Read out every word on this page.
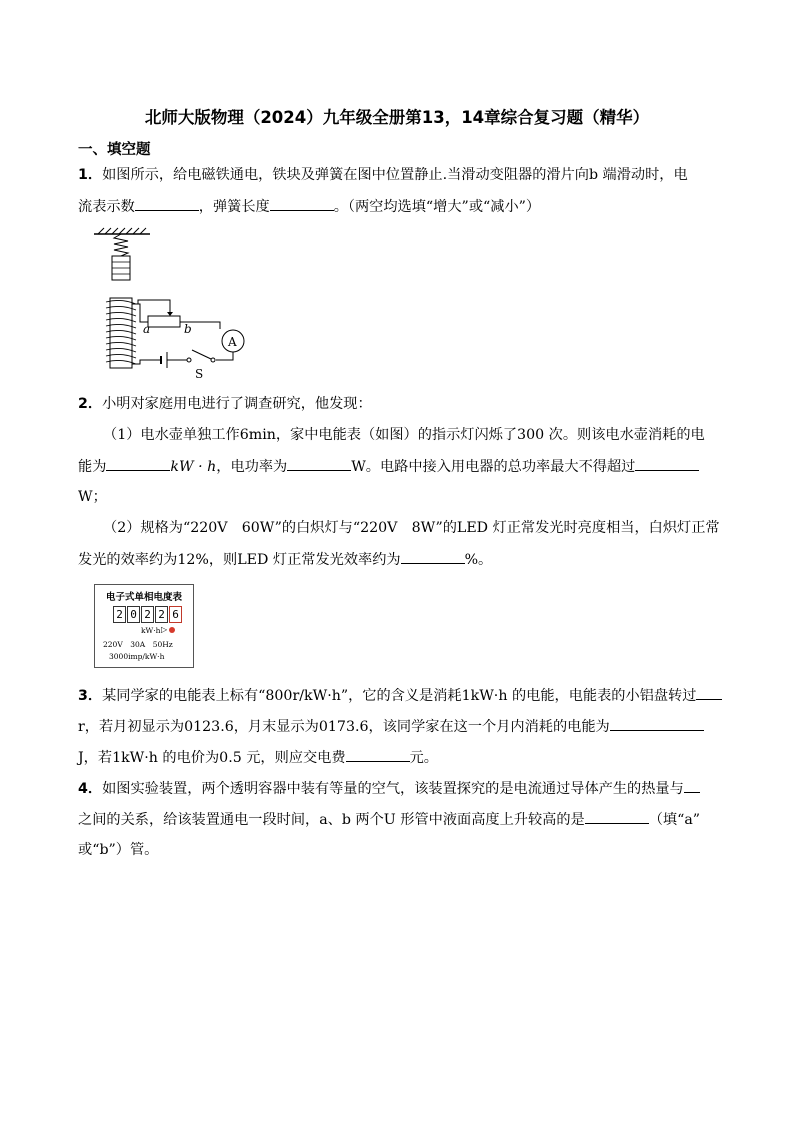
北师大版物理（2024）九年级全册第13，14章综合复习题（精华）
一、填空题
1．如图所示，给电磁铁通电，铁块及弹簧在图中位置静止.当滑动变阻器的滑片向b 端滑动时，电
流表示数	，弹簧长度	。（两空均选填“增大”或“减小”）
a	b
A
S
2．小明对家庭用电进行了调查研究，他发现：
（1）电水壶单独工作6min，家中电能表（如图）的指示灯闪烁了300 次。则该电水壶消耗的电
能为	kW · h，电功率为	W。电路中接入用电器的总功率最大不得超过
W；
（2）规格为“220V　60W”的白炽灯与“220V　8W”的LED 灯正常发光时亮度相当，白炽灯正常
发光的效率约为12%，则LED 灯正常发光效率约为	%。
电子式单相电度表
2 0 2 2 6
kW·h ▷
220V　30A　50Hz
3000imp/kW·h
3．某同学家的电能表上标有“800r/kW·h”，它的含义是消耗1kW·h 的电能，电能表的小铝盘转过
r，若月初显示为0123.6，月末显示为0173.6，该同学家在这一个月内消耗的电能为
J，若1kW·h 的电价为0.5 元，则应交电费	元。
4．如图实验装置，两个透明容器中装有等量的空气，该装置探究的是电流通过导体产生的热量与
之间的关系，给该装置通电一段时间，a、b 两个U 形管中液面高度上升较高的是	（填“a”
或“b”）管。
